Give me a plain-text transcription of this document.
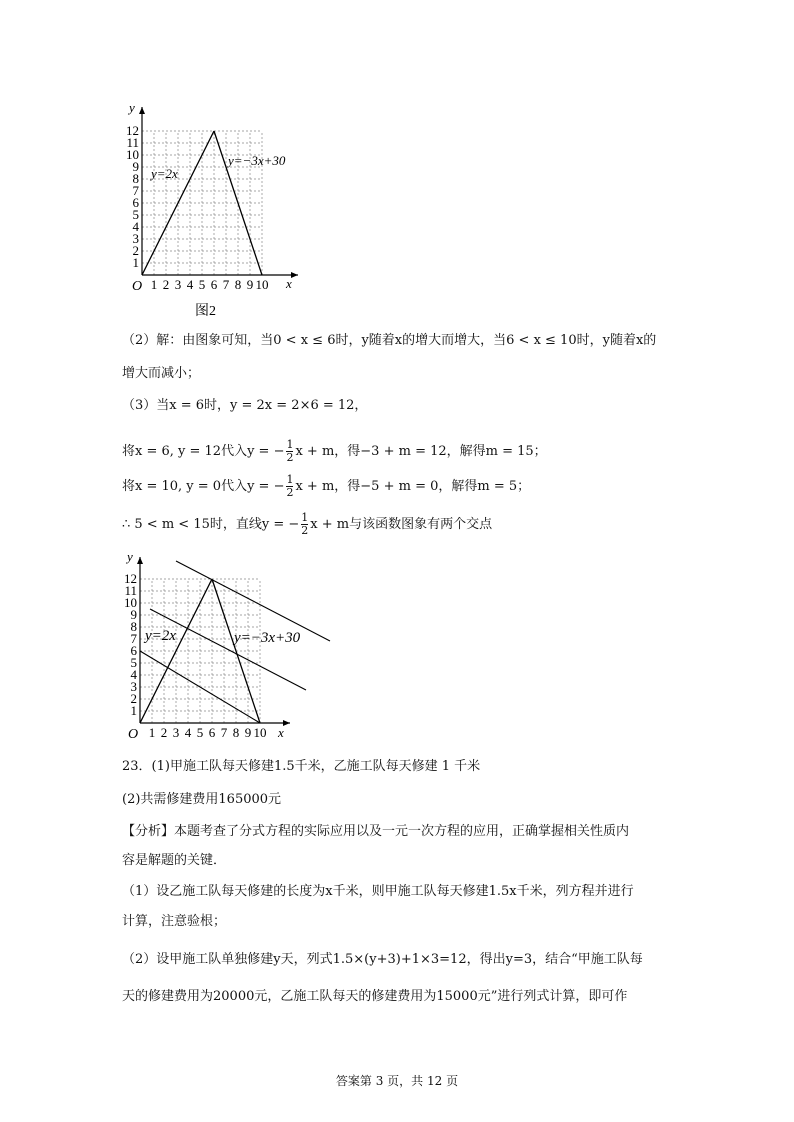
1
2
3
4
5
6
7
8
9
10
11
12
1 2 3 4 5 6 7 8 9 10
O	x
y
y=2x
y=−3x+30
图2
（2）解：由图象可知，当0 < x ≤ 6时，y随着x的增大而增大，当6 < x ≤ 10时，y随着x的
增大而减小；
（3）当x = 6时，y = 2x = 2×6 = 12，
将x = 6, y = 12代入y = − $\frac{1}{2}$ x + m，得−3 + m = 12，解得m = 15；
将x = 10, y = 0代入y = − $\frac{1}{2}$ x + m，得−5 + m = 0，解得m = 5；
∴ 5 < m < 15时，直线y = − $\frac{1}{2}$ x + m与该函数图象有两个交点
1
2
3
4
5
6
7
8
9
10
11
12
1 2 3 4 5 6 7 8 9 10
O	x
y
y=2x	y=−3x+30
23．(1)甲施工队每天修建1.5千米，乙施工队每天修建 1 千米
(2)共需修建费用165000元
【分析】本题考查了分式方程的实际应用以及一元一次方程的应用，正确掌握相关性质内
容是解题的关键．
（1）设乙施工队每天修建的长度为x千米，则甲施工队每天修建1.5x千米，列方程并进行
计算，注意验根；
（2）设甲施工队单独修建y天，列式1.5×(y+3)+1×3=12，得出y=3，结合“甲施工队每
天的修建费用为20000元，乙施工队每天的修建费用为15000元”进行列式计算，即可作
答案第 3 页，共 12 页
